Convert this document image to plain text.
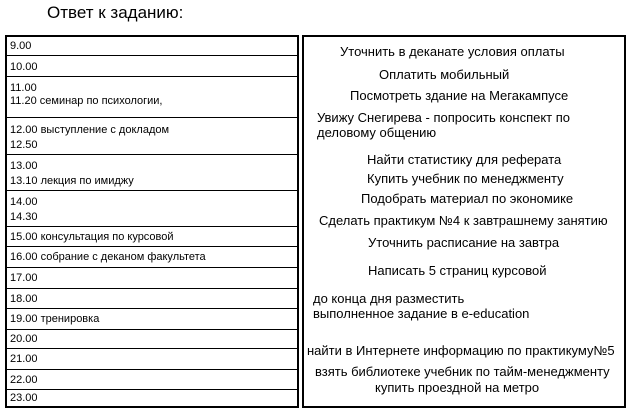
Ответ к заданию:
9.00
10.00
11.00
11.20 семинар по психологии,
12.00 выступление с докладом
12.50
13.00
13.10 лекция по имиджу
14.00
14.30
15.00 консультация по курсовой
16.00 собрание с деканом факультета
17.00
18.00
19.00 тренировка
20.00
21.00
22.00
23.00
Уточнить в деканате условия оплаты
Оплатить мобильный
Посмотреть здание на Мегакампусе
Увижу Снегирева - попросить конспект по
деловому общению
Найти статистику для реферата
Купить учебник по менеджменту
Подобрать материал по экономике
Сделать практикум №4 к завтрашнему занятию
Уточнить расписание на завтра
Написать 5 страниц курсовой
до конца дня разместить
выполненное задание в e-education
найти в Интернете информацию по практикуму№5
взять библиотеке учебник по тайм-менеджменту
купить проездной на метро
